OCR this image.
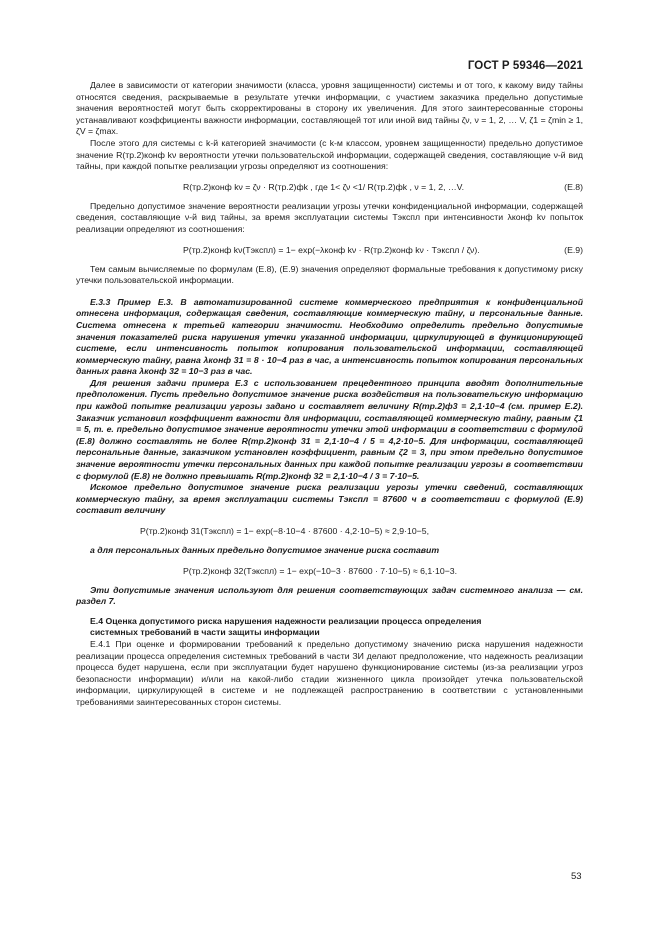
ГОСТ Р 59346—2021

Далее в зависимости от категории значимости (класса, уровня защищенности) системы и от того, к какому виду тайны относятся сведения, раскрываемые в результате утечки информации, с участием заказчика предельно допустимые значения вероятностей могут быть скорректированы в сторону их увеличения. Для этого заинтересованные стороны устанавливают коэффициенты важности информации, составляющей тот или иной вид тайны ζν, ν = 1, 2, … V, ζ1 = ζmin ≥ 1, ζV = ζmax.

После этого для системы с k-й категорией значимости (с k-м классом, уровнем защищенности) предельно допустимое значение R(тр.2)конф kν вероятности утечки пользовательской информации, содержащей сведения, составляющие ν-й вид тайны, при каждой попытке реализации угрозы определяют из соотношения:

R(тр.2)конф kν = ζν · R(тр.2)фk , где 1< ζν <1/ R(тр.2)фk , ν = 1, 2, …V.	(Е.8)

Предельно допустимое значение вероятности реализации угрозы утечки конфиденциальной информации, содержащей сведения, составляющие ν-й вид тайны, за время эксплуатации системы Тэкспл при интенсивности λконф kν попыток реализации определяют из соотношения:

P(тр.2)конф kν(Тэкспл) = 1− exp(−λконф kν · R(тр.2)конф kν · Тэкспл / ζν).	(Е.9)

Тем самым вычисляемые по формулам (Е.8), (Е.9) значения определяют формальные требования к допустимому риску утечки пользовательской информации.

Е.3.3 Пример Е.3. В автоматизированной системе коммерческого предприятия к конфиденциальной отнесена информация, содержащая сведения, составляющие коммерческую тайну, и персональные данные. Система отнесена к третьей категории значимости. Необходимо определить предельно допустимые значения показателей риска нарушения утечки указанной информации, циркулирующей в функционирующей системе, если интенсивность попыток копирования пользовательской информации, составляющей коммерческую тайну, равна λконф 31 = 8 · 10−4 раз в час, а интенсивность попыток копирования персональных данных равна λконф 32 = 10−3 раз в час.

Для решения задачи примера Е.3 с использованием прецедентного принципа вводят дополнительные предположения. Пусть предельно допустимое значение риска воздействия на пользовательскую информацию при каждой попытке реализации угрозы задано и составляет величину R(тр.2)ф3 = 2,1·10−4 (см. пример Е.2). Заказчик установил коэффициент важности для информации, составляющей коммерческую тайну, равным ζ1 = 5, т. е. предельно допустимое значение вероятности утечки этой информации в соответствии с формулой (Е.8) должно составлять не более R(тр.2)конф 31 = 2,1·10−4 / 5 = 4,2·10−5. Для информации, составляющей персональные данные, заказчиком установлен коэффициент, равным ζ2 = 3, при этом предельно допустимое значение вероятности утечки персональных данных при каждой попытке реализации угрозы в соответствии с формулой (Е.8) не должно превышать R(тр.2)конф 32 = 2,1·10−4 / 3 = 7·10−5.

Искомое предельно допустимое значение риска реализации угрозы утечки сведений, составляющих коммерческую тайну, за время эксплуатации системы Тэкспл = 87600 ч в соответствии с формулой (Е.9) составит величину

P(тр.2)конф 31(Тэкспл) = 1− exp(−8·10−4 · 87600 · 4,2·10−5) ≈ 2,9·10−5,

а для персональных данных предельно допустимое значение риска составит

P(тр.2)конф 32(Тэкспл) = 1− exp(−10−3 · 87600 · 7·10−5) ≈ 6,1·10−3.

Эти допустимые значения используют для решения соответствующих задач системного анализа — см. раздел 7.

Е.4 Оценка допустимого риска нарушения надежности реализации процесса определения
системных требований в части защиты информации

Е.4.1 При оценке и формировании требований к предельно допустимому значению риска нарушения надежности реализации процесса определения системных требований в части ЗИ делают предположение, что надежность реализации процесса будет нарушена, если при эксплуатации будет нарушено функционирование системы (из-за реализации угроз безопасности информации) и/или на какой-либо стадии жизненного цикла произойдет утечка пользовательской информации, циркулирующей в системе и не подлежащей распространению в соответствии с установленными требованиями заинтересованных сторон системы.

53
